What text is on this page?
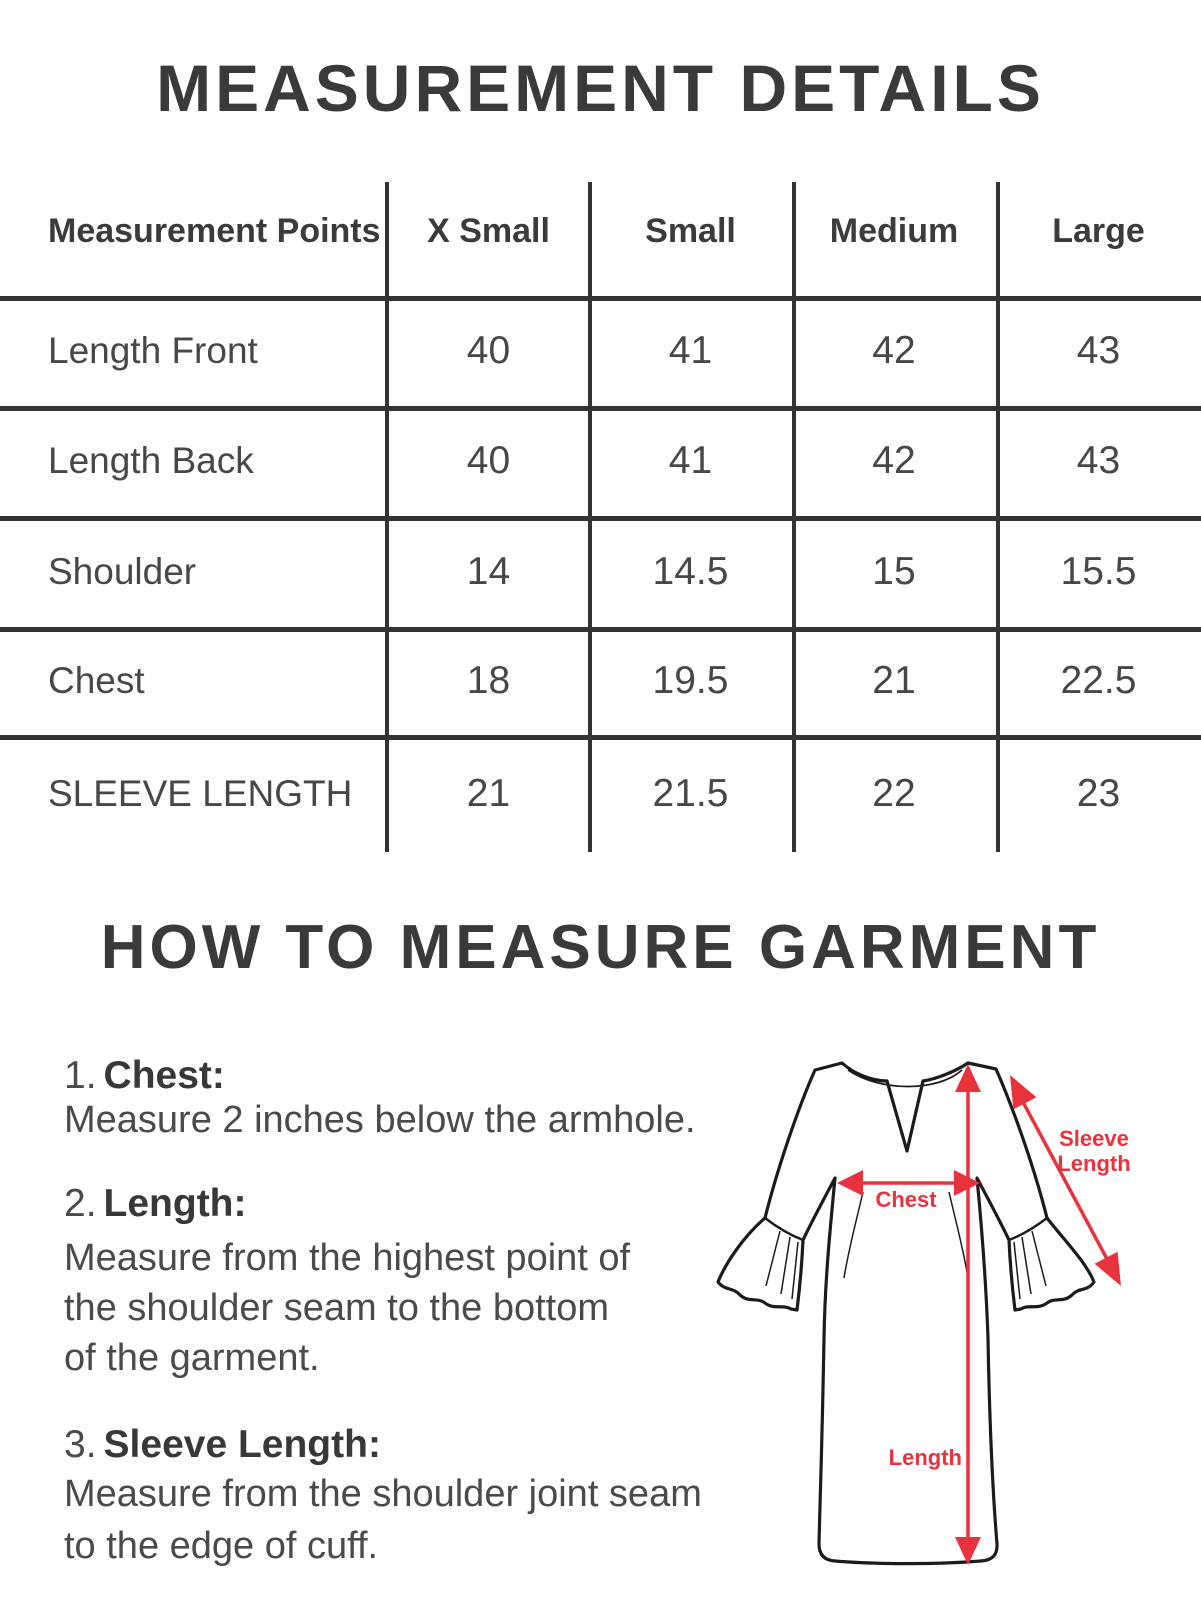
MEASUREMENT DETAILS
Measurement Points	X Small	Small	Medium	Large
Length Front	40	41	42	43
Length Back	40	41	42	43
Shoulder	14	14.5	15	15.5
Chest	18	19.5	21	22.5
SLEEVE LENGTH	21	21.5	22	23
HOW TO MEASURE GARMENT
1. Chest:
Measure 2 inches below the armhole.
2. Length:
Measure from the highest point of
the shoulder seam to the bottom
of the garment.
3. Sleeve Length:
Measure from the shoulder joint seam
to the edge of cuff.
Sleeve
Length
Chest
Length
